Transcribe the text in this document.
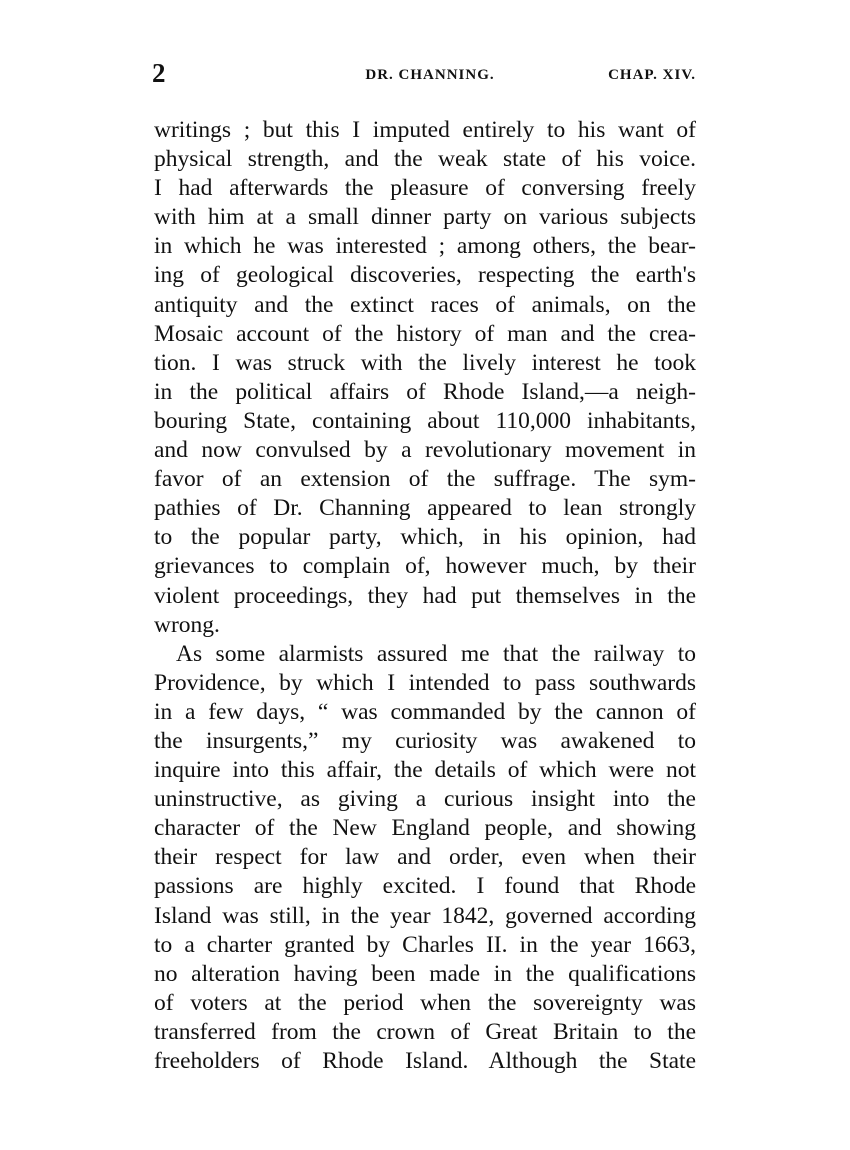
2	DR. CHANNING.	CHAP. XIV.
writings ; but this I imputed entirely to his want of
physical strength, and the weak state of his voice.
I had afterwards the pleasure of conversing freely
with him at a small dinner party on various subjects
in which he was interested ; among others, the bear-
ing of geological discoveries, respecting the earth's
antiquity and the extinct races of animals, on the
Mosaic account of the history of man and the crea-
tion. I was struck with the lively interest he took
in the political affairs of Rhode Island,—a neigh-
bouring State, containing about 110,000 inhabitants,
and now convulsed by a revolutionary movement in
favor of an extension of the suffrage. The sym-
pathies of Dr. Channing appeared to lean strongly
to the popular party, which, in his opinion, had
grievances to complain of, however much, by their
violent proceedings, they had put themselves in the
wrong.
As some alarmists assured me that the railway to
Providence, by which I intended to pass southwards
in a few days, “ was commanded by the cannon of
the insurgents,” my curiosity was awakened to
inquire into this affair, the details of which were not
uninstructive, as giving a curious insight into the
character of the New England people, and showing
their respect for law and order, even when their
passions are highly excited. I found that Rhode
Island was still, in the year 1842, governed according
to a charter granted by Charles II. in the year 1663,
no alteration having been made in the qualifications
of voters at the period when the sovereignty was
transferred from the crown of Great Britain to the
freeholders of Rhode Island. Although the State
